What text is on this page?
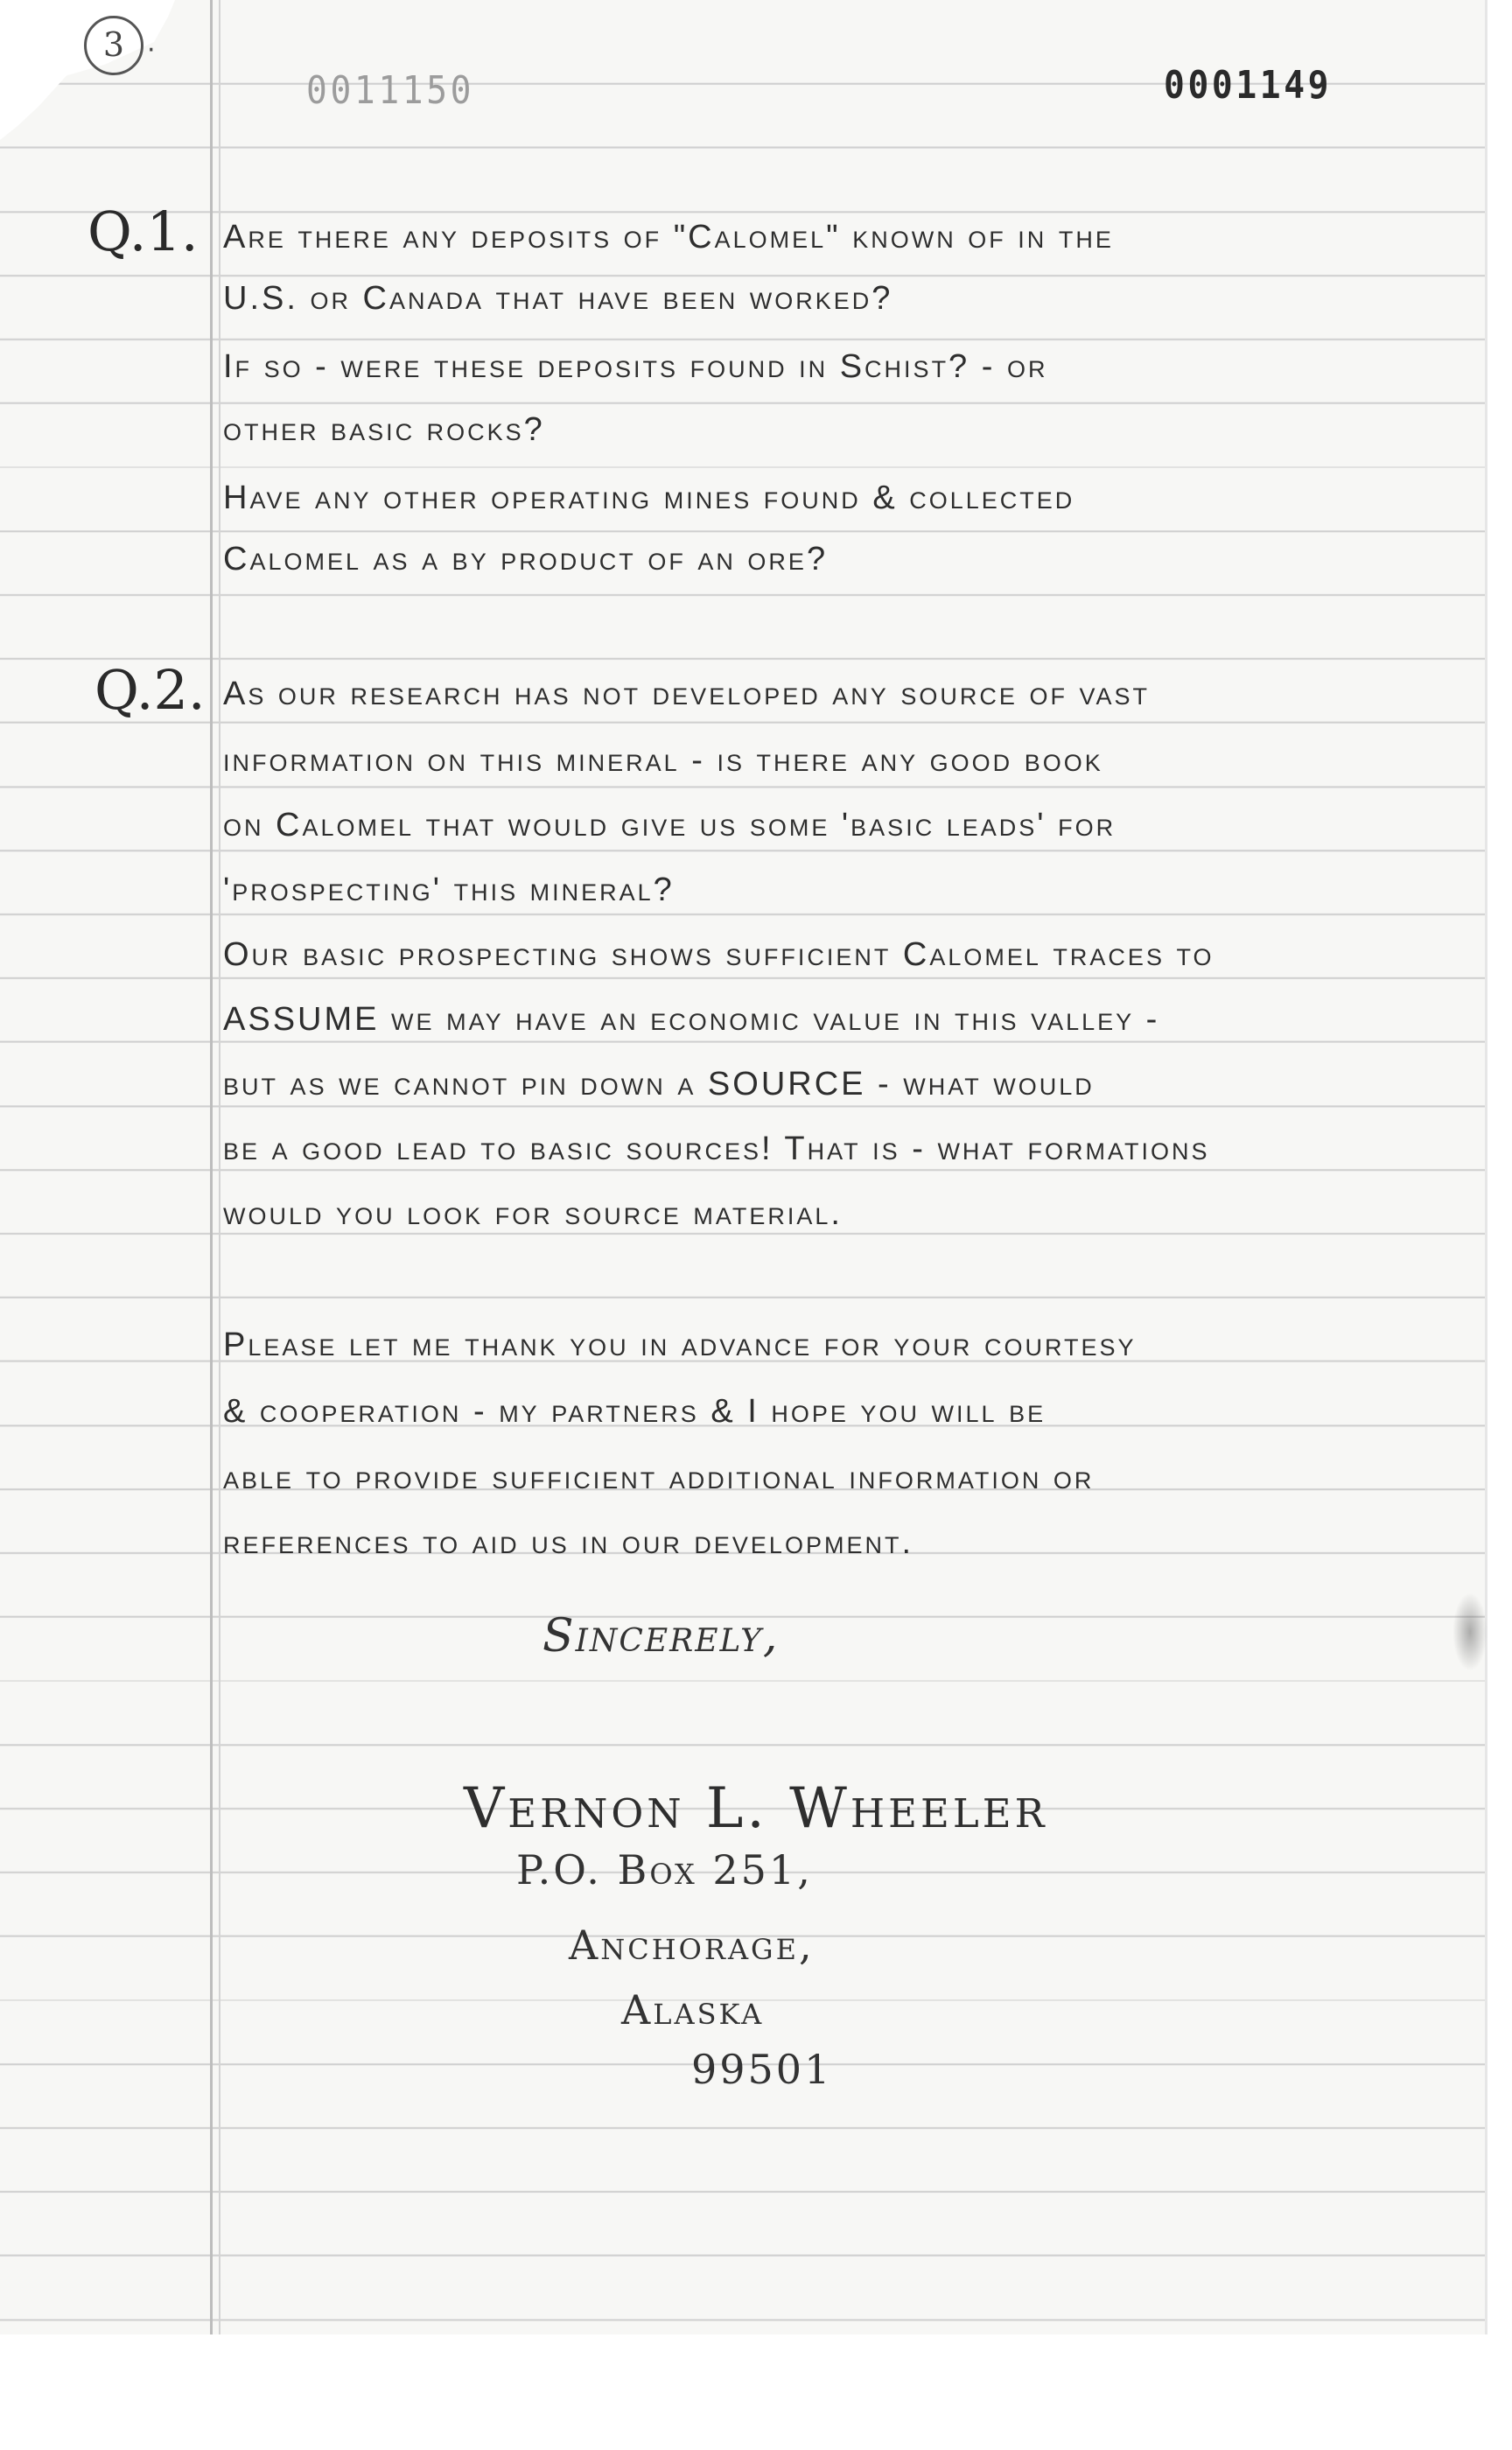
3 ·
0011150	0001149
Q.1. Are there any deposits of "Calomel" known of in the
U.S. or Canada that have been worked?
If so - were these deposits found in Schist? - or
other basic rocks?
Have any other operating mines found & collected
Calomel as a by product of an ore?
Q.2. As our research has not developed any source of vast
information on this mineral - is there any good book
on Calomel that would give us some 'basic leads' for
'prospecting' this mineral?
Our basic prospecting shows sufficient Calomel traces to
ASSUME we may have an economic value in this valley -
but as we cannot pin down a SOURCE - what would
be a good lead to basic sources! That is - what formations
would you look for source material.
Please let me thank you in advance for your courtesy
& cooperation - my partners & I hope you will be
able to provide sufficient additional information or
references to aid us in our development.
Sincerely,
Vernon L. Wheeler
P.O. Box 251,
Anchorage,
Alaska
99501
